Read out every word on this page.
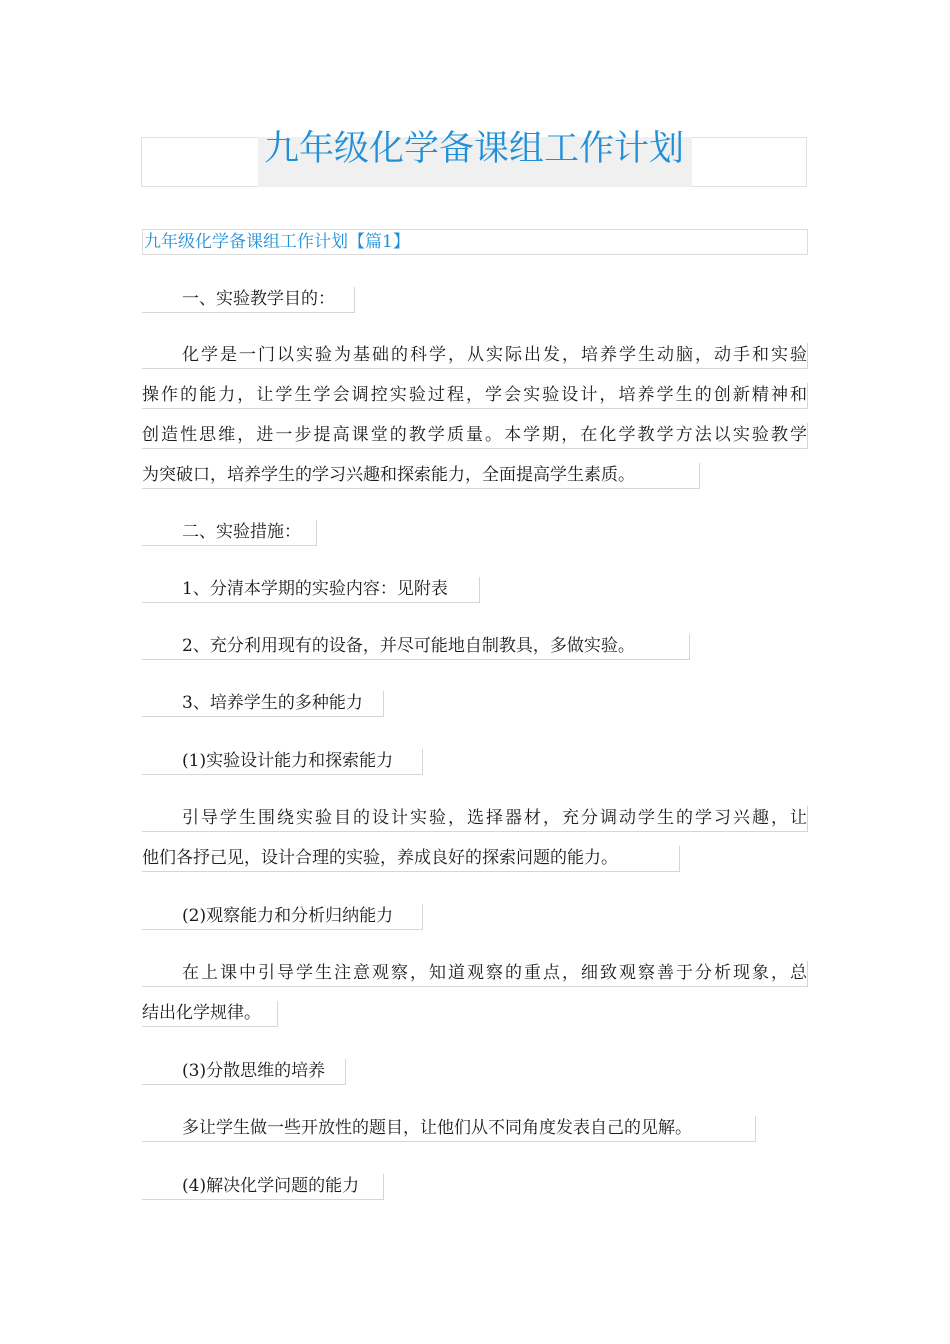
九年级化学备课组工作计划
九年级化学备课组工作计划【篇1】
一、实验教学目的：
化学是一门以实验为基础的科学，从实际出发，培养学生动脑，动手和实验
操作的能力，让学生学会调控实验过程，学会实验设计，培养学生的创新精神和
创造性思维，进一步提高课堂的教学质量。本学期，在化学教学方法以实验教学
为突破口，培养学生的学习兴趣和探索能力，全面提高学生素质。
二、实验措施：
1、分清本学期的实验内容：见附表
2、充分利用现有的设备，并尽可能地自制教具，多做实验。
3、培养学生的多种能力
(1)实验设计能力和探索能力
引导学生围绕实验目的设计实验，选择器材，充分调动学生的学习兴趣，让
他们各抒己见，设计合理的实验，养成良好的探索问题的能力。
(2)观察能力和分析归纳能力
在上课中引导学生注意观察，知道观察的重点，细致观察善于分析现象，总
结出化学规律。
(3)分散思维的培养
多让学生做一些开放性的题目，让他们从不同角度发表自己的见解。
(4)解决化学问题的能力
